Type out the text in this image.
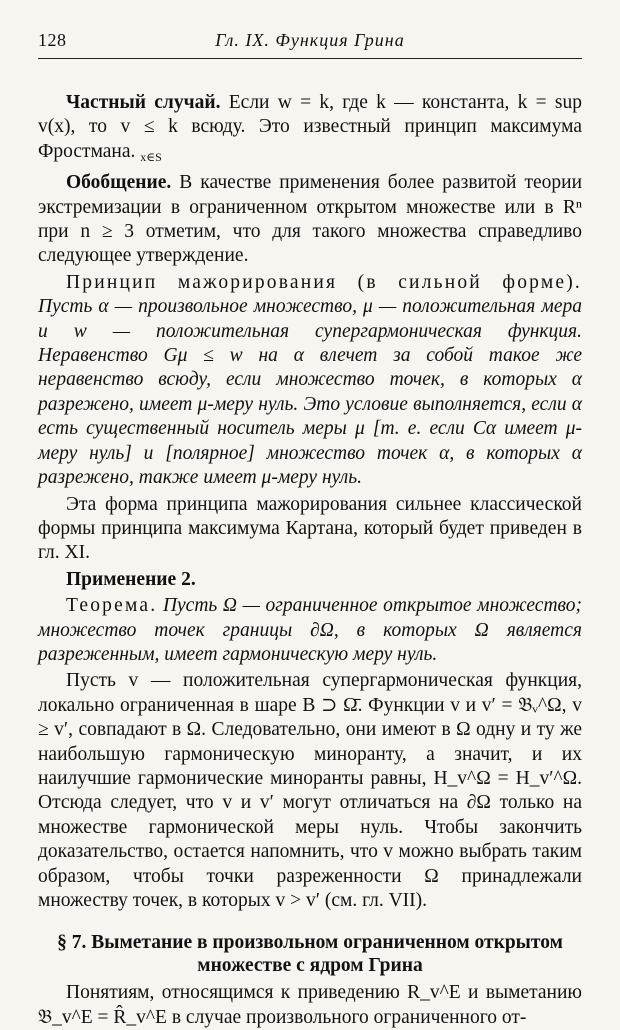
128	Гл. IX. Функция Грина

Частный случай. Если w = k, где k — константа, k = sup v(x), то v ≤ k всюду. Это известный принцип максимума Фростмана. $_{x\in S}$

Обобщение. В качестве применения более развитой теории экстремизации в ограниченном открытом множестве или в Rⁿ при n ≥ 3 отметим, что для такого множества справедливо следующее утверждение.

Принцип мажорирования (в сильной форме). Пусть α — произвольное множество, μ — положительная мера и w — положительная супергармоническая функция. Неравенство Gμ ≤ w на α влечет за собой такое же неравенство всюду, если множество точек, в которых α разрежено, имеет μ-меру нуль. Это условие выполняется, если α есть существенный носитель меры μ [т. е. если Cα имеет μ-меру нуль] и [полярное] множество точек α, в которых α разрежено, также имеет μ-меру нуль.

Эта форма принципа мажорирования сильнее классической формы принципа максимума Картана, который будет приведен в гл. XI.

Применение 2.

Теорема. Пусть Ω — ограниченное открытое множество; множество точек границы ∂Ω, в которых Ω является разреженным, имеет гармоническую меру нуль.

Пусть v — положительная супергармоническая функция, локально ограниченная в шаре B ⊃ Ω̄. Функции v и v′ = 𝔅ᵥ^Ω, v ≥ v′, совпадают в Ω. Следовательно, они имеют в Ω одну и ту же наибольшую гармоническую миноранту, а значит, и их наилучшие гармонические миноранты равны, H_v^Ω = H_v′^Ω. Отсюда следует, что v и v′ могут отличаться на ∂Ω только на множестве гармонической меры нуль. Чтобы закончить доказательство, остается напомнить, что v можно выбрать таким образом, чтобы точки разреженности Ω принадлежали множеству точек, в которых v > v′ (см. гл. VII).

§ 7. Выметание в произвольном ограниченном открытом множестве с ядром Грина

Понятиям, относящимся к приведению R_v^E и выметанию 𝔅_v^E = R̂_v^E в случае произвольного ограниченного от-
